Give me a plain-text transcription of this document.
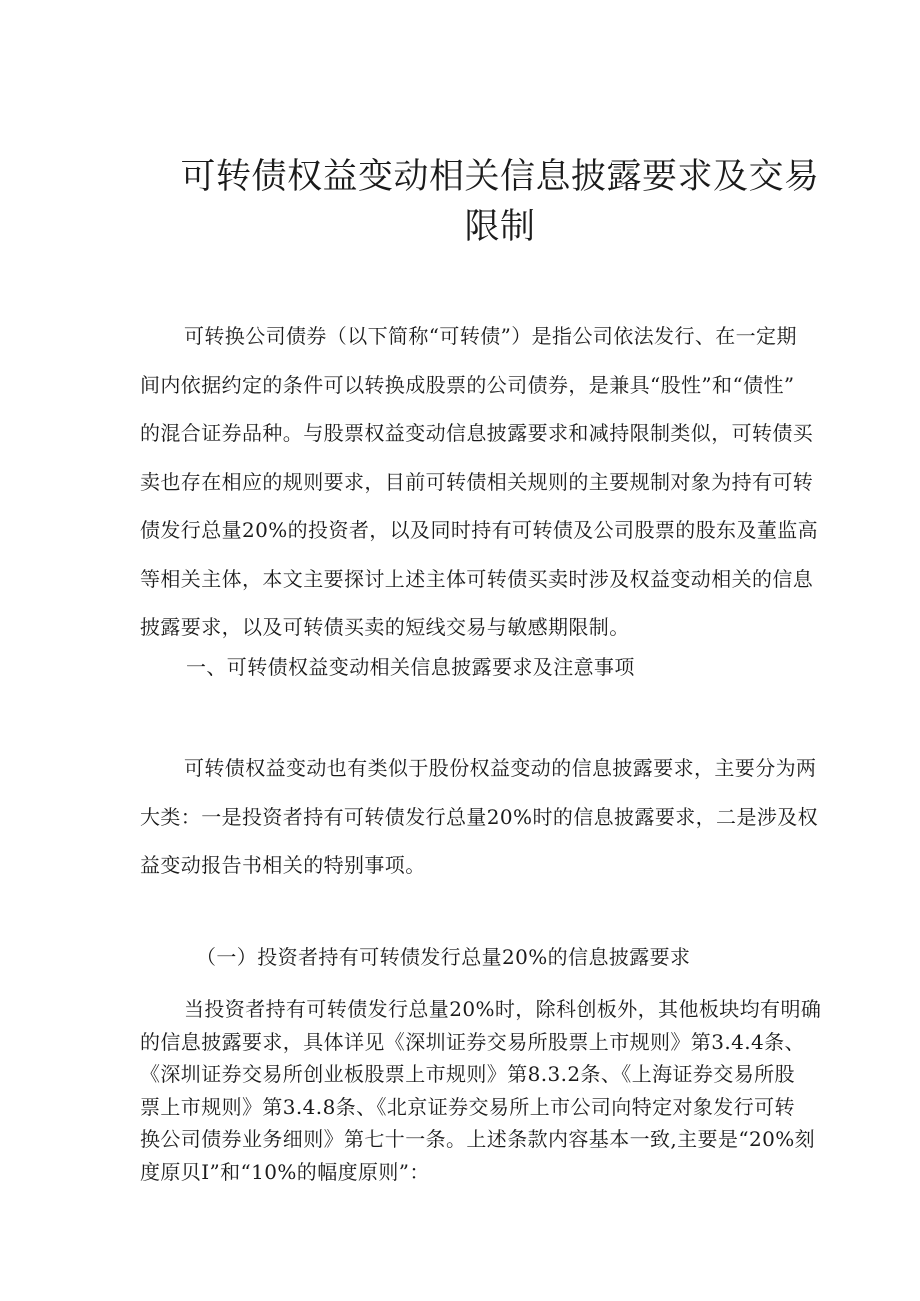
可转债权益变动相关信息披露要求及交易
限制
可转换公司债券（以下简称“可转债”）是指公司依法发行、在一定期
间内依据约定的条件可以转换成股票的公司债券，是兼具“股性”和“债性”
的混合证券品种。与股票权益变动信息披露要求和减持限制类似，可转债买
卖也存在相应的规则要求，目前可转债相关规则的主要规制对象为持有可转
债发行总量20%的投资者，以及同时持有可转债及公司股票的股东及董监高
等相关主体，本文主要探讨上述主体可转债买卖时涉及权益变动相关的信息
披露要求，以及可转债买卖的短线交易与敏感期限制。
一、可转债权益变动相关信息披露要求及注意事项
可转债权益变动也有类似于股份权益变动的信息披露要求，主要分为两
大类：一是投资者持有可转债发行总量20%时的信息披露要求，二是涉及权
益变动报告书相关的特别事项。
（一）投资者持有可转债发行总量20%的信息披露要求
当投资者持有可转债发行总量20%时，除科创板外，其他板块均有明确
的信息披露要求，具体详见《深圳证券交易所股票上市规则》第3.4.4条、
《深圳证券交易所创业板股票上市规则》第8.3.2条、《上海证券交易所股
票上市规则》第3.4.8条、《北京证券交易所上市公司向特定对象发行可转
换公司债券业务细则》第七十一条。上述条款内容基本一致,主要是“20%刻
度原贝I”和“10%的幅度原则”：
